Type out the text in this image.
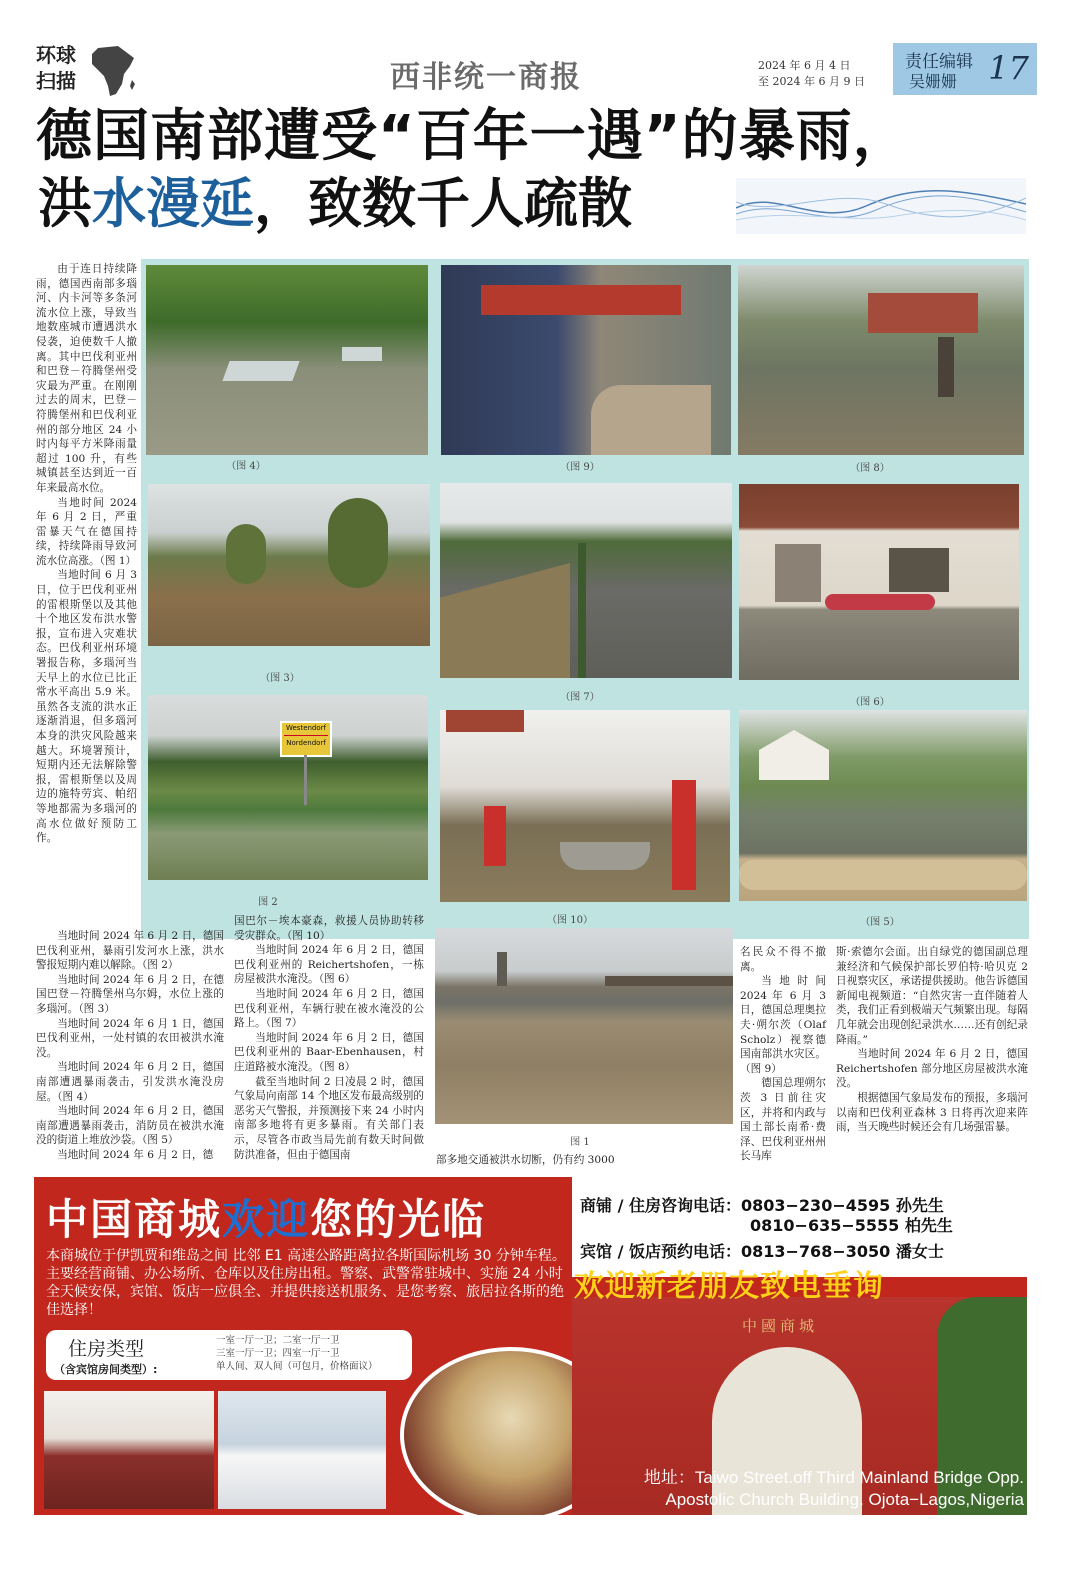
环球
扫描	西非统一商报	2024 年 6 月 4 日
至 2024 年 6 月 9 日
责任编辑
吴姗姗 17
德国南部遭受“百年一遇”的暴雨，
洪水漫延，致数千人疏散

由于连日持续降雨，德国西南部多瑙河、内卡河等多条河流水位上涨，导致当地数座城市遭遇洪水侵袭，迫使数千人撤离。其中巴伐利亚州和巴登－符腾堡州受灾最为严重。在刚刚过去的周末，巴登－符腾堡州和巴伐利亚州的部分地区 24 小时内每平方米降雨量超过 100 升，有些城镇甚至达到近一百年来最高水位。

当地时间 2024 年 6 月 2 日，严重雷暴天气在德国持续，持续降雨导致河流水位高涨。（图 1）

当地时间 6 月 3 日，位于巴伐利亚州的雷根斯堡以及其他十个地区发布洪水警报，宣布进入灾难状态。巴伐利亚州环境署报告称，多瑙河当天早上的水位已比正常水平高出 5.9 米。虽然各支流的洪水正逐渐消退，但多瑙河本身的洪灾风险越来越大。环境署预计，短期内还无法解除警报，雷根斯堡以及周边的施特劳宾、帕绍等地都需为多瑙河的高水位做好预防工作。

（图 4）	（图 9）	（图 8）
（图 3）
（图 7）	（图 6）
Westendorf
Nordendorf
图 2
（图 10）	（图 5）
图 1

当地时间 2024 年 6 月 2 日，德国巴伐利亚州，暴雨引发河水上涨，洪水警报短期内难以解除。（图 2）

当地时间 2024 年 6 月 2 日，在德国巴登－符腾堡州乌尔姆，水位上涨的多瑙河。（图 3）

当地时间 2024 年 6 月 1 日，德国巴伐利亚州，一处村镇的农田被洪水淹没。

当地时间 2024 年 6 月 2 日，德国南部遭遇暴雨袭击，引发洪水淹没房屋。（图 4）

当地时间 2024 年 6 月 2 日，德国南部遭遇暴雨袭击，消防员在被洪水淹没的街道上堆放沙袋。（图 5）

当地时间 2024 年 6 月 2 日，德

国巴尔－埃本豪森，救援人员协助转移受灾群众。（图 10）

当地时间 2024 年 6 月 2 日，德国巴伐利亚州的 Reichertshofen，一栋房屋被洪水淹没。（图 6）

当地时间 2024 年 6 月 2 日，德国巴伐利亚州，车辆行驶在被水淹没的公路上。（图 7）

当地时间 2024 年 6 月 2 日，德国巴伐利亚州的 Baar-Ebenhausen，村庄道路被水淹没。（图 8）

截至当地时间 2 日凌晨 2 时，德国气象局向南部 14 个地区发布最高级别的恶劣天气警报，并预测接下来 24 小时内南部多地将有更多暴雨。有关部门表示，尽管各市政当局先前有数天时间做防洪准备，但由于德国南	部多地交通被洪水切断，仍有约 3000

名民众不得不撤离。

当地时间 2024 年 6 月 3 日，德国总理奥拉夫·朔尔茨（Olaf Scholz）视察德国南部洪水灾区。（图 9）

德国总理朔尔茨 3 日前往灾区，并将和内政与国土部长南希·费泽、巴伐利亚州州长马库

斯·索德尔会面。出自绿党的德国副总理兼经济和气候保护部长罗伯特·哈贝克 2 日视察灾区，承诺提供援助。他告诉德国新闻电视频道：“自然灾害一直伴随着人类，我们正看到极端天气频繁出现。每隔几年就会出现创纪录洪水……还有创纪录降雨。”

当地时间 2024 年 6 月 2 日，德国 Reichertshofen 部分地区房屋被洪水淹没。

根据德国气象局发布的预报，多瑙河以南和巴伐利亚森林 3 日将再次迎来阵雨，当天晚些时候还会有几场强雷暴。

中国商城欢迎您的光临
本商城位于伊凯贾和维岛之间 比邻 E1 高速公路距离拉各斯国际机场 30 分钟车程。 主要经营商铺、办公场所、仓库以及住房出租。警察、武警常驻城中、实施 24 小时全天候安保，宾馆、饭店一应俱全、并提供接送机服务、是您考察、旅居拉各斯的绝佳选择！
住房类型
（含宾馆房间类型）:
一室一厅一卫；二室一厅一卫
三室一厅一卫；四室一厅一卫
单人间、双人间（可包月，价格面议）
商铺 / 住房咨询电话：0803−230−4595 孙先生
0810−635−5555 柏先生
宾馆 / 饭店预约电话：0813−768−3050 潘女士
中國商城
欢迎新老朋友致电垂询
地址：Taiwo Street.off Third Mainland Bridge Opp.
Apostolic Church Building. Ojota−Lagos,Nigeria
